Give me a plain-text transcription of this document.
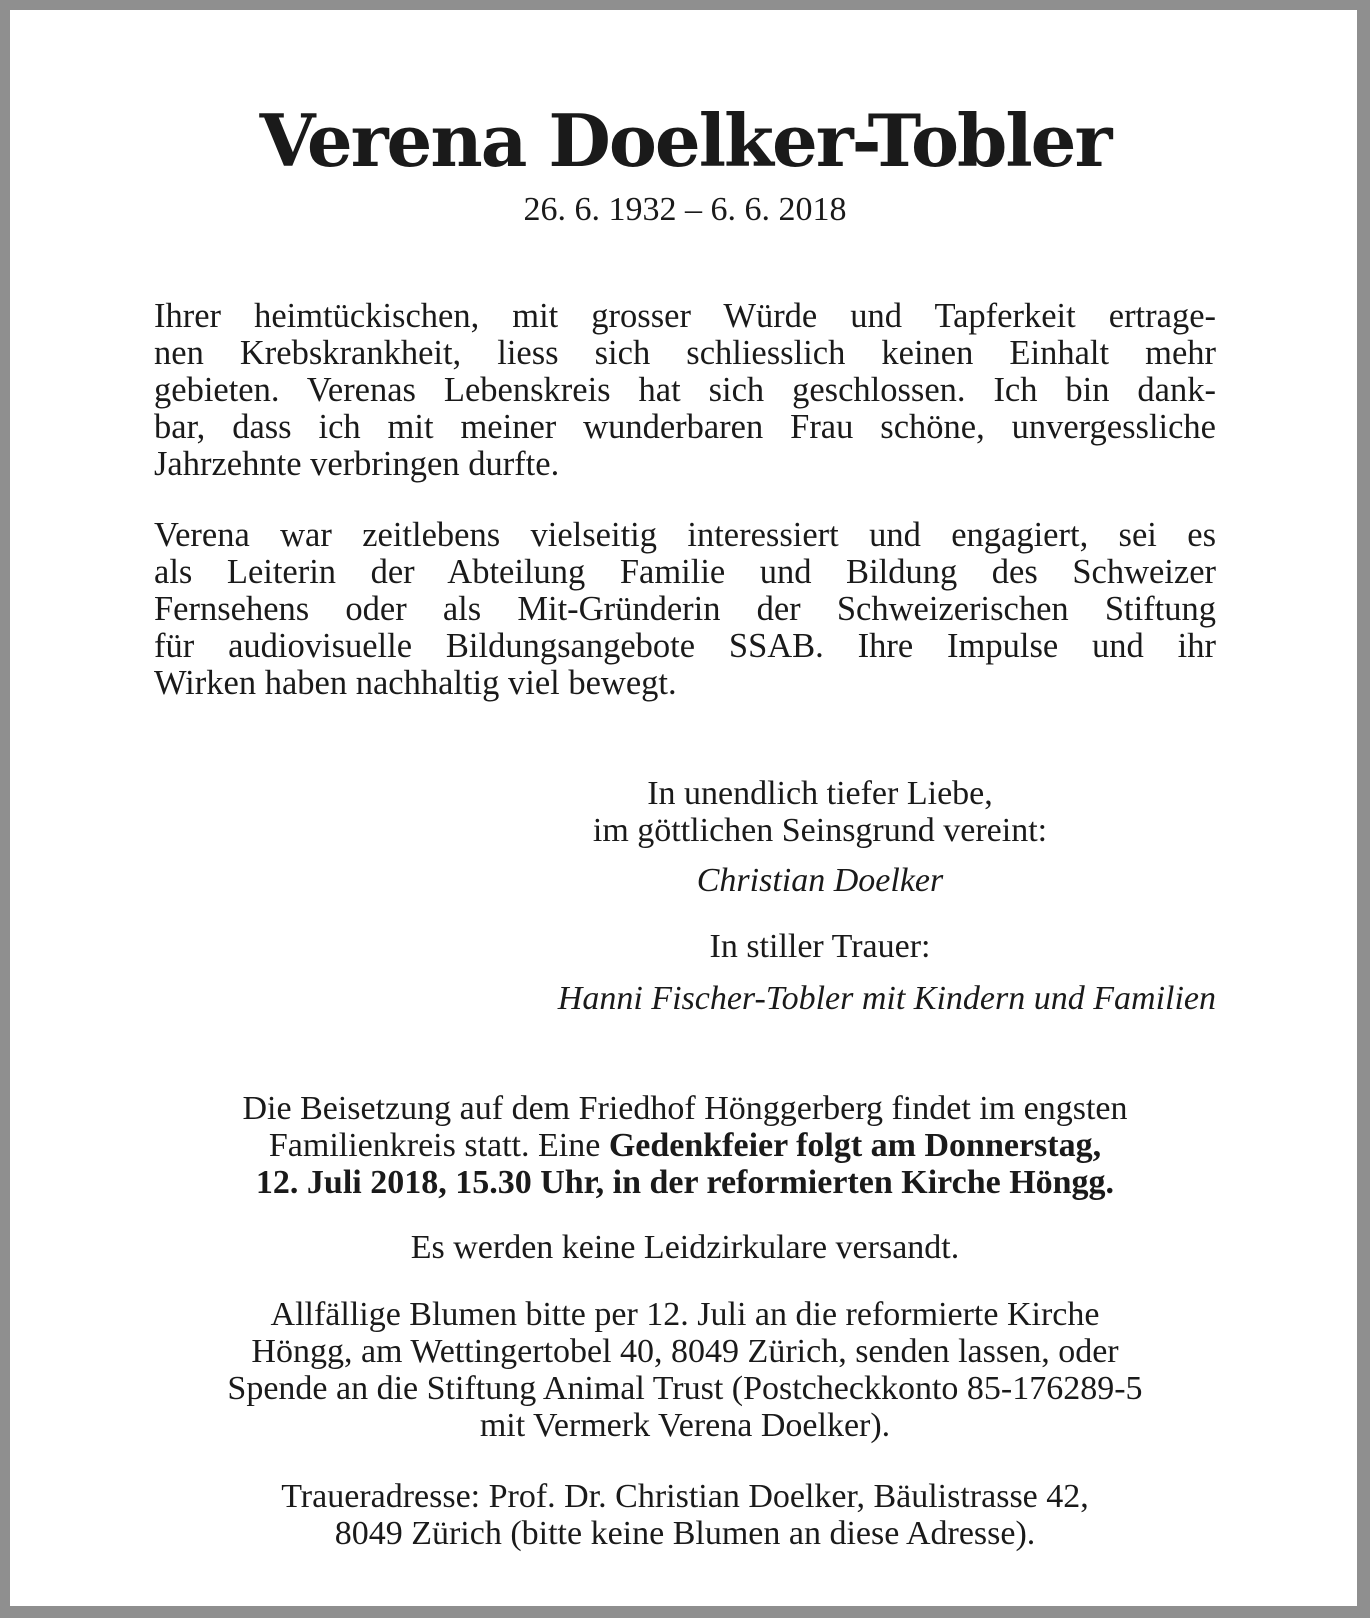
Verena Doelker-Tobler
26. 6. 1932 – 6. 6. 2018
Ihrer heimtückischen, mit grosser Würde und Tapferkeit ertrage-
nen Krebskrankheit, liess sich schliesslich keinen Einhalt mehr
gebieten. Verenas Lebenskreis hat sich geschlossen. Ich bin dank-
bar, dass ich mit meiner wunderbaren Frau schöne, unvergessliche
Jahrzehnte verbringen durfte.
Verena war zeitlebens vielseitig interessiert und engagiert, sei es
als Leiterin der Abteilung Familie und Bildung des Schweizer
Fernsehens oder als Mit-Gründerin der Schweizerischen Stiftung
für audiovisuelle Bildungsangebote SSAB. Ihre Impulse und ihr
Wirken haben nachhaltig viel bewegt.
In unendlich tiefer Liebe,
im göttlichen Seinsgrund vereint:
Christian Doelker
In stiller Trauer:
Hanni Fischer-Tobler mit Kindern und Familien
Die Beisetzung auf dem Friedhof Hönggerberg findet im engsten
Familienkreis statt. Eine Gedenkfeier folgt am Donnerstag,
12. Juli 2018, 15.30 Uhr, in der reformierten Kirche Höngg.
Es werden keine Leidzirkulare versandt.
Allfällige Blumen bitte per 12. Juli an die reformierte Kirche
Höngg, am Wettingertobel 40, 8049 Zürich, senden lassen, oder
Spende an die Stiftung Animal Trust (Postcheckkonto 85-176289-5
mit Vermerk Verena Doelker).
Traueradresse: Prof. Dr. Christian Doelker, Bäulistrasse 42,
8049 Zürich (bitte keine Blumen an diese Adresse).
